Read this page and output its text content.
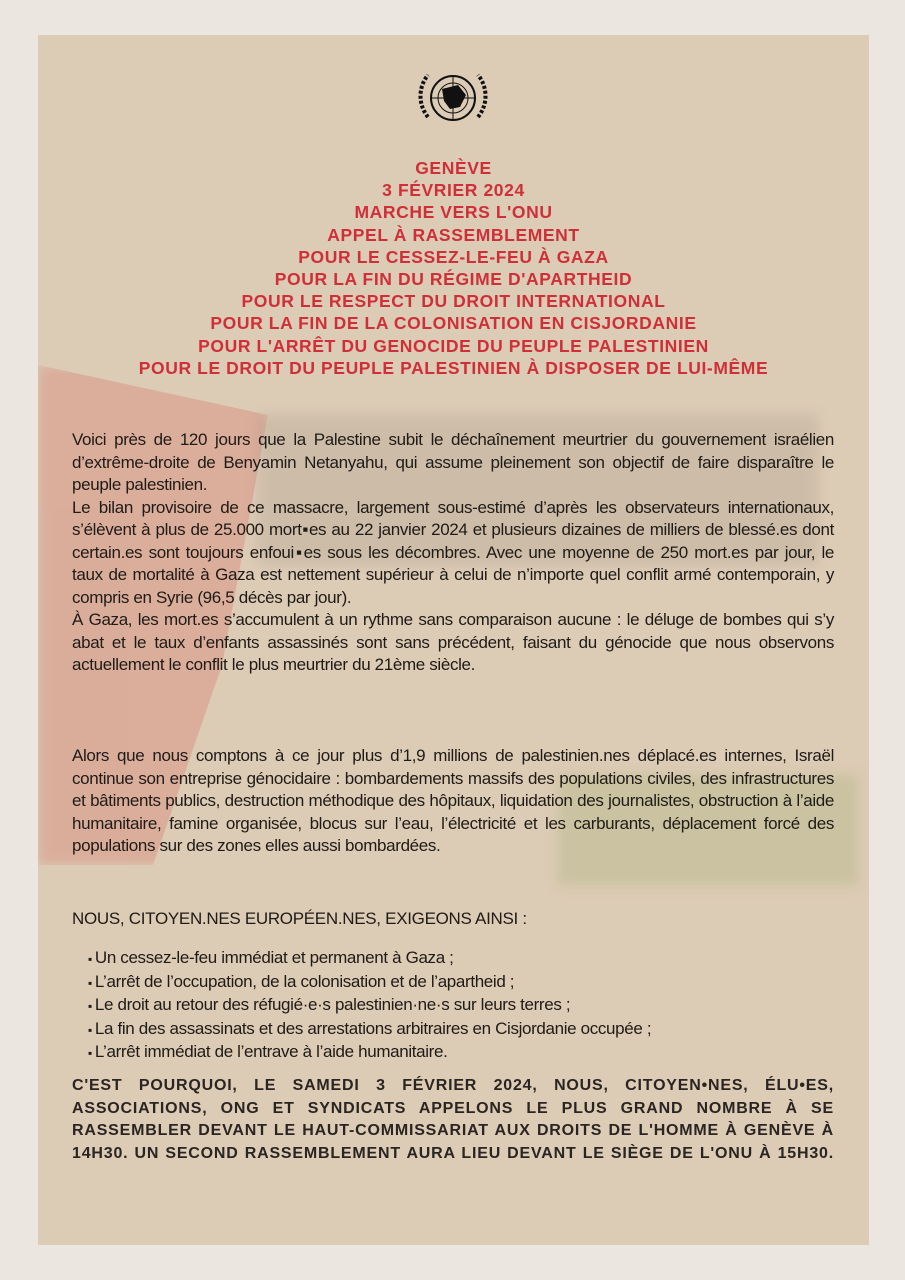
GENÈVE
3 FÉVRIER 2024
MARCHE VERS L'ONU
APPEL À RASSEMBLEMENT
POUR LE CESSEZ-LE-FEU À GAZA
POUR LA FIN DU RÉGIME D'APARTHEID
POUR LE RESPECT DU DROIT INTERNATIONAL
POUR LA FIN DE LA COLONISATION EN CISJORDANIE
POUR L'ARRÊT DU GENOCIDE DU PEUPLE PALESTINIEN
POUR LE DROIT DU PEUPLE PALESTINIEN À DISPOSER DE LUI-MÊME

Voici près de 120 jours que la Palestine subit le déchaînement meurtrier du gouvernement israélien d’extrême-droite de Benyamin Netanyahu, qui assume pleinement son objectif de faire disparaître le peuple palestinien.

Le bilan provisoire de ce massacre, largement sous-estimé d’après les observateurs internationaux, s’élèvent à plus de 25.000 mort▪es au 22 janvier 2024 et plusieurs dizaines de milliers de blessé.es dont certain.es sont toujours enfoui▪es sous les décombres. Avec une moyenne de 250 mort.es par jour, le taux de mortalité à Gaza est nettement supérieur à celui de n’importe quel conflit armé contemporain, y compris en Syrie (96,5 décès par jour).

À Gaza, les mort.es s’accumulent à un rythme sans comparaison aucune : le déluge de bombes qui s’y abat et le taux d’enfants assassinés sont sans précédent, faisant du génocide que nous observons actuellement le conflit le plus meurtrier du 21ème siècle.

Alors que nous comptons à ce jour plus d’1,9 millions de palestinien.nes déplacé.es internes, Israël continue son entreprise génocidaire : bombardements massifs des populations civiles, des infrastructures et bâtiments publics, destruction méthodique des hôpitaux, liquidation des journalistes, obstruction à l’aide humanitaire, famine organisée, blocus sur l’eau, l’électricité et les carburants, déplacement forcé des populations sur des zones elles aussi bombardées.

NOUS, CITOYEN.NES EUROPÉEN.NES, EXIGEONS AINSI :
▪ Un cessez-le-feu immédiat et permanent à Gaza ;
▪ L’arrêt de l’occupation, de la colonisation et de l’apartheid ;
▪ Le droit au retour des réfugié·e·s palestinien·ne·s sur leurs terres ;
▪ La fin des assassinats et des arrestations arbitraires en Cisjordanie occupée ;
▪ L’arrêt immédiat de l’entrave à l’aide humanitaire.
C'EST POURQUOI, LE SAMEDI 3 FÉVRIER 2024, NOUS, CITOYEN•NES, ÉLU•ES, ASSOCIATIONS, ONG ET SYNDICATS APPELONS LE PLUS GRAND NOMBRE À SE RASSEMBLER DEVANT LE HAUT-COMMISSARIAT AUX DROITS DE L'HOMME À GENÈVE À 14H30. UN SECOND RASSEMBLEMENT AURA LIEU DEVANT LE SIÈGE DE L'ONU À 15H30.
